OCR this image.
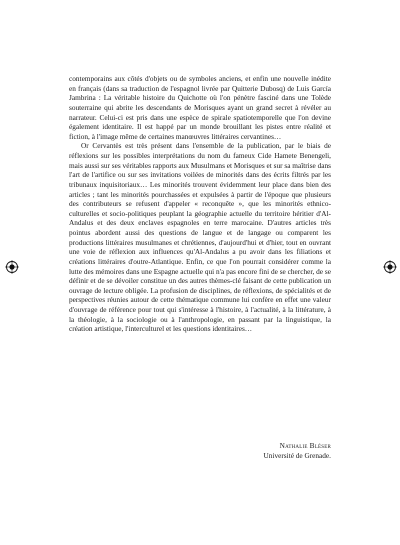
contemporains aux côtés d'objets ou de symboles anciens, et enfin une nouvelle inédite en français (dans sa traduction de l'espagnol livrée par Quitterie Dubosq) de Luis García Jambrina : La véritable histoire du Quichotte où l'on pénètre fasciné dans une Tolède souterraine qui abrite les descendants de Morisques ayant un grand secret à révéler au narrateur. Celui-ci est pris dans une espèce de spirale spatiotemporelle que l'on devine également identitaire. Il est happé par un monde brouillant les pistes entre réalité et fiction, à l'image même de certaines manœuvres littéraires cervantines…

Or Cervantès est très présent dans l'ensemble de la publication, par le biais de réflexions sur les possibles interprétations du nom du fameux Cide Hamete Benengeli, mais aussi sur ses véritables rapports aux Musulmans et Morisques et sur sa maîtrise dans l'art de l'artifice ou sur ses invitations voilées de minorités dans des écrits filtrés par les tribunaux inquisitoriaux… Les minorités trouvent évidemment leur place dans bien des articles ; tant les minorités pourchassées et expulsées à partir de l'époque que plusieurs des contributeurs se refusent d'appeler « reconquête », que les minorités ethnico-culturelles et socio-politiques peuplant la géographie actuelle du territoire héritier d'Al-Andalus et des deux enclaves espagnoles en terre marocaine. D'autres articles très pointus abordent aussi des questions de langue et de langage ou comparent les productions littéraires musulmanes et chrétiennes, d'aujourd'hui et d'hier, tout en ouvrant une voie de réflexion aux influences qu'Al-Andalus a pu avoir dans les filiations et créations littéraires d'outre-Atlantique. Enfin, ce que l'on pourrait considérer comme la lutte des mémoires dans une Espagne actuelle qui n'a pas encore fini de se chercher, de se définir et de se dévoiler constitue un des autres thèmes-clé faisant de cette publication un ouvrage de lecture obligée. La profusion de disciplines, de réflexions, de spécialités et de perspectives réunies autour de cette thématique commune lui confère en effet une valeur d'ouvrage de référence pour tout qui s'intéresse à l'histoire, à l'actualité, à la littérature, à la théologie, à la sociologie ou à l'anthropologie, en passant par la linguistique, la création artistique, l'interculturel et les questions identitaires…

Nathalie Bléser
Université de Grenade.
